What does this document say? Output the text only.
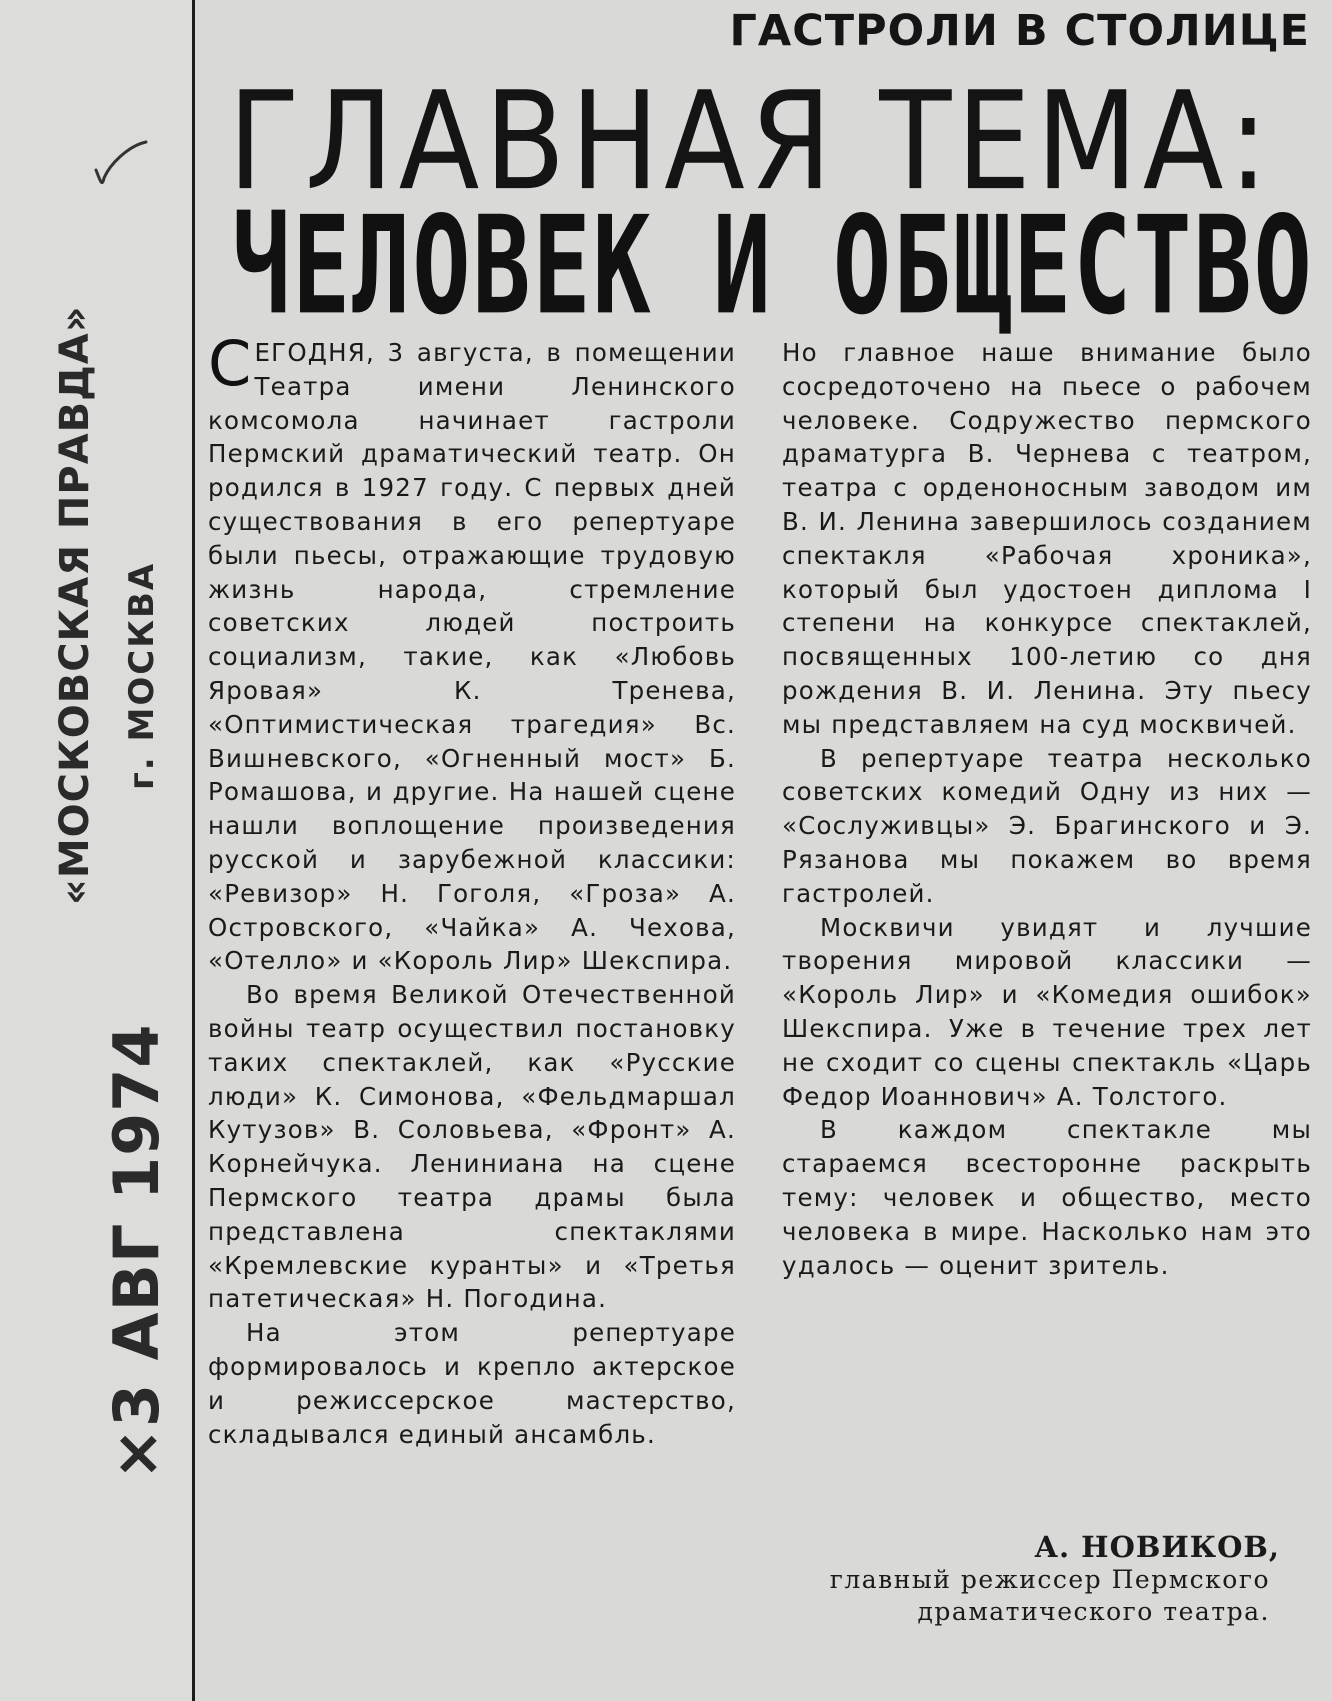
«МОСКОВСКАЯ ПРАВДА» г. МОСКВА
×3 АВГ 1974
ГАСТРОЛИ В СТОЛИЦЕ
ГЛАВНАЯ ТЕМА:
ЧЕЛОВЕК И ОБЩЕСТВО

СЕГОДНЯ, 3 августа, в помещении Театра имени Ленинского комсомола начинает гастроли Пермский драматический театр. Он родился в 1927 году. С первых дней существования в его репертуаре были пьесы, отражающие трудовую жизнь народа, стремление советских людей построить социализм, такие, как «Любовь Яровая» К. Тренева, «Оптимистическая трагедия» Вс. Вишневского, «Огненный мост» Б. Ромашова, и другие. На нашей сцене нашли воплощение произведения русской и зарубежной классики: «Ревизор» Н. Гоголя, «Гроза» А. Островского, «Чайка» А. Чехова, «Отелло» и «Король Лир» Шекспира.

Во время Великой Отечественной войны театр осуществил постановку таких спектаклей, как «Русские люди» К. Симонова, «Фельдмаршал Кутузов» В. Соловьева, «Фронт» А. Корнейчука. Лениниана на сцене Пермского театра драмы была представлена спектаклями «Кремлевские куранты» и «Третья патетическая» Н. Погодина.

На этом репертуаре формировалось и крепло актерское и режиссерское мастерство, складывался единый ансамбль.

Но главное наше внимание было сосредоточено на пьесе о рабочем человеке. Содружество пермского драматурга В. Чернева с театром, театра с орденоносным заводом им В. И. Ленина завершилось созданием спектакля «Рабочая хроника», который был удостоен диплома I степени на конкурсе спектаклей, посвященных 100-летию со дня рождения В. И. Ленина. Эту пьесу мы представляем на суд москвичей.

В репертуаре театра несколько советских комедий Одну из них — «Сослуживцы» Э. Брагинского и Э. Рязанова мы покажем во время гастролей.

Москвичи увидят и лучшие творения мировой классики — «Король Лир» и «Комедия ошибок» Шекспира. Уже в течение трех лет не сходит со сцены спектакль «Царь Федор Иоаннович» А. Толстого.

В каждом спектакле мы стараемся всесторонне раскрыть тему: человек и общество, место человека в мире. Насколько нам это удалось — оценит зритель.

А. НОВИКОВ,
главный режиссер Пермского драматического театра.
